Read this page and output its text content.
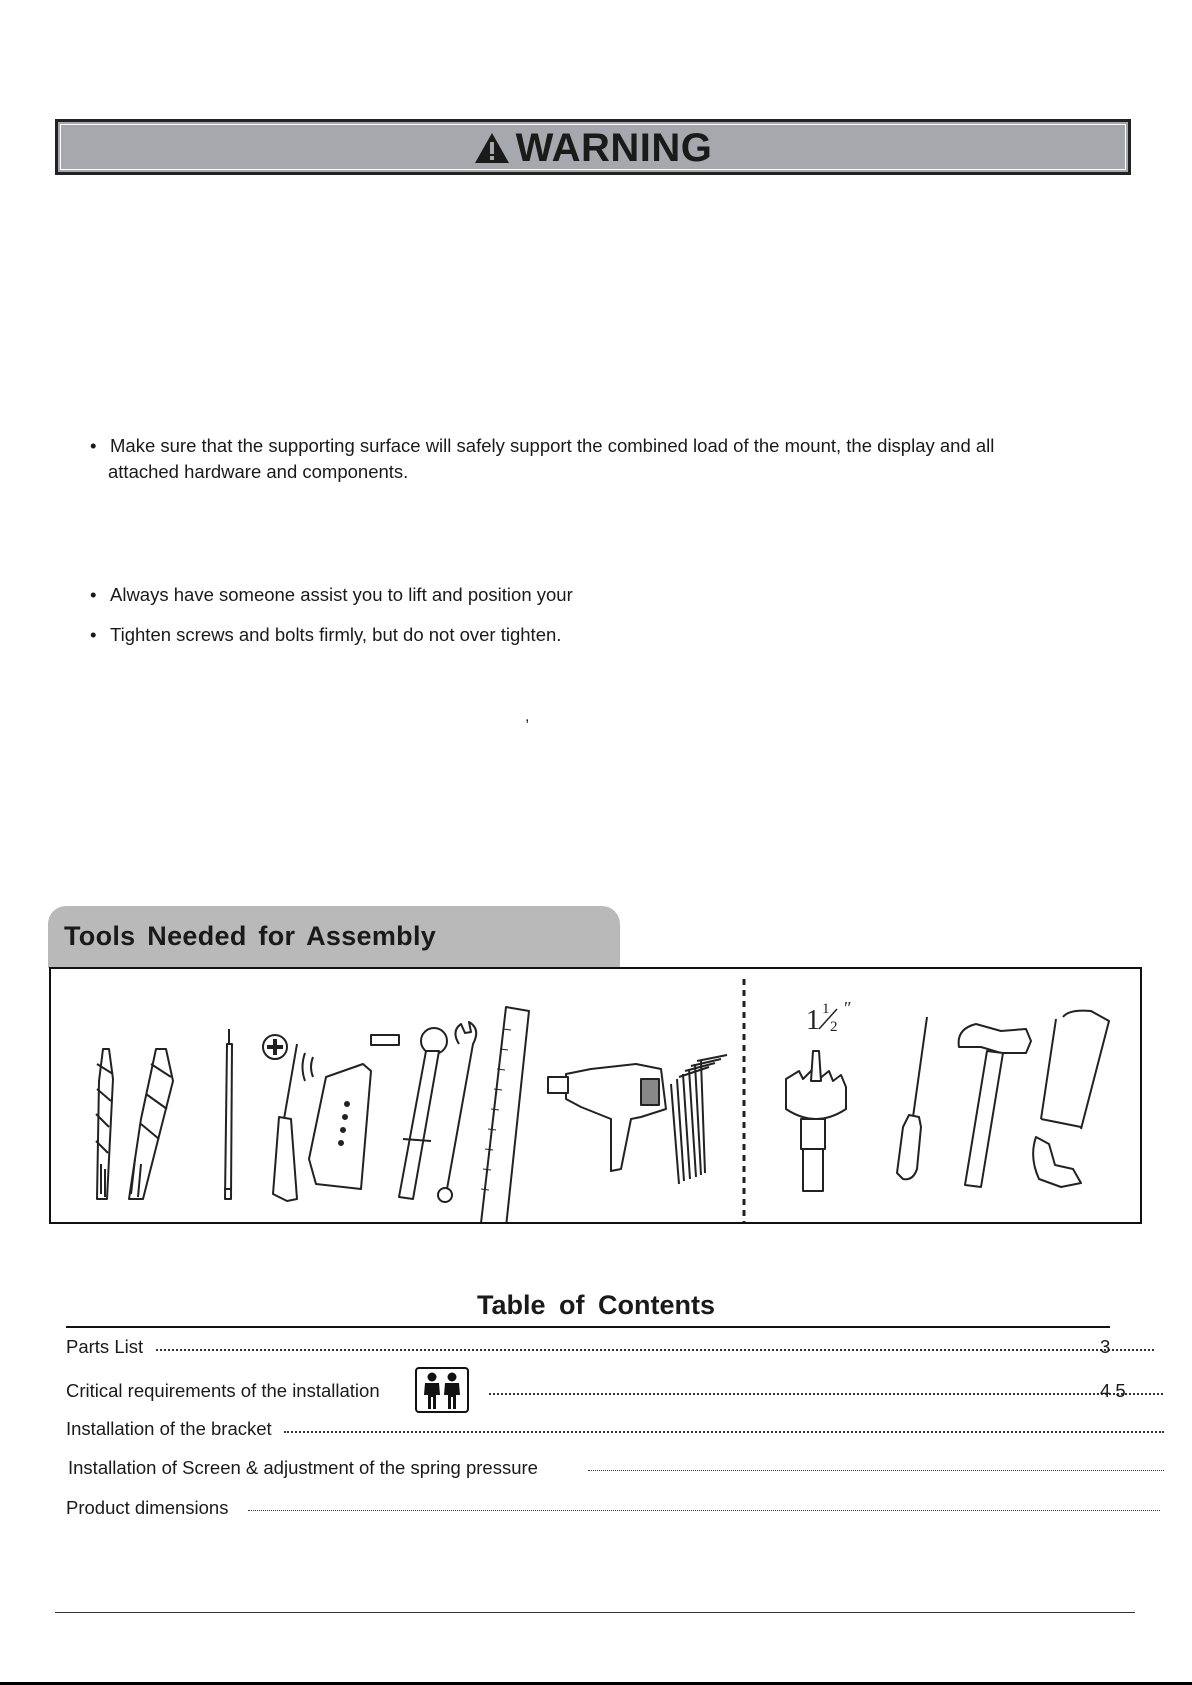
WARNING
• Make sure that the supporting surface will safely support the combined load of the mount, the display and all
attached hardware and components.
• Always have someone assist you to lift and position your
• Tighten screws and bolts firmly, but do not over tighten.
,
Tools Needed for Assembly
1 1
2
″
Table of Contents
Parts List	3
Critical requirements of the installation	4 5
Installation of the bracket
Installation of Screen & adjustment of the spring pressure
Product dimensions
